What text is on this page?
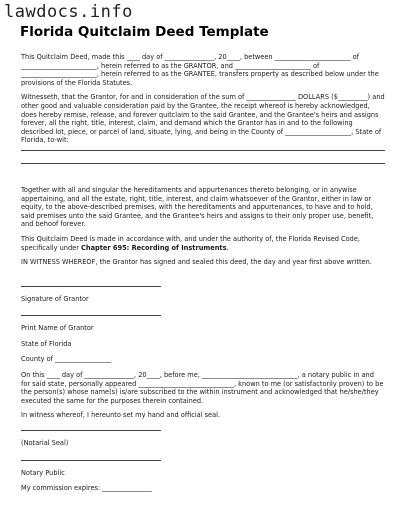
lawdocs.info
Florida Quitclaim Deed Template
This Quitclaim Deed, made this ____ day of _______________, 20____, between _______________________ of _______________________, herein referred to as the GRANTOR, and _______________________ of _______________________, herein referred to as the GRANTEE, transfers property as described below under the provisions of the Florida Statutes.
Witnesseth, that the Grantor, for and in consideration of the sum of _______________ DOLLARS ($_________) and other good and valuable consideration paid by the Grantee, the receipt whereof is hereby acknowledged, does hereby remise, release, and forever quitclaim to the said Grantee, and the Grantee's heirs and assigns forever, all the right, title, interest, claim, and demand which the Grantor has in and to the following described lot, piece, or parcel of land, situate, lying, and being in the County of ____________________, State of Florida, to-wit:
Together with all and singular the hereditaments and appurtenances thereto belonging, or in anywise appertaining, and all the estate, right, title, interest, and claim whatsoever of the Grantor, either in law or equity, to the above-described premises, with the hereditaments and appurtenances, to have and to hold, said premises unto the said Grantee, and the Grantee's heirs and assigns to their only proper use, benefit, and behoof forever.
This Quitclaim Deed is made in accordance with, and under the authority of, the Florida Revised Code, specifically under Chapter 695: Recording of Instruments.
IN WITNESS WHEREOF, the Grantor has signed and sealed this deed, the day and year first above written.
Signature of Grantor
Print Name of Grantor
State of Florida
County of _________________
On this ____ day of _______________, 20____, before me, _____________________________, a notary public in and for said state, personally appeared _____________________________, known to me (or satisfactorily proven) to be the person(s) whose name(s) is/are subscribed to the within instrument and acknowledged that he/she/they executed the same for the purposes therein contained.
In witness whereof, I hereunto set my hand and official seal.
(Notarial Seal)
Notary Public
My commission expires: _______________
